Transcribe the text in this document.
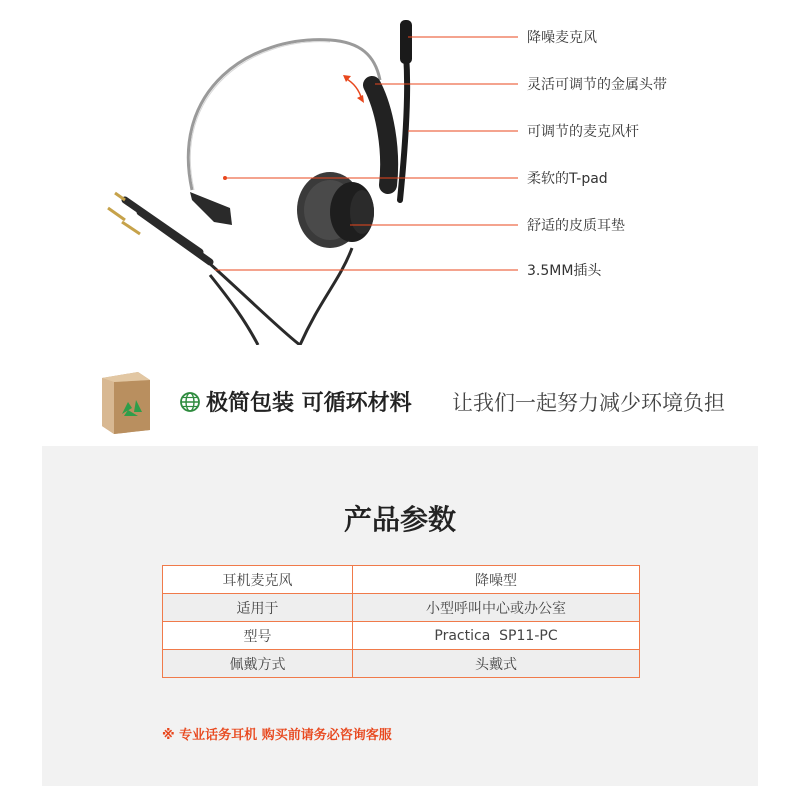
降噪麦克风
灵活可调节的金属头带
可调节的麦克风杆
柔软的T-pad
舒适的皮质耳垫
3.5MM插头
极简包装 可循环材料 让我们一起努力减少环境负担
产品参数
耳机麦克风	降噪型
适用于	小型呼叫中心或办公室
型号	Practica  SP11-PC
佩戴方式	头戴式
※ 专业话务耳机 购买前请务必咨询客服
